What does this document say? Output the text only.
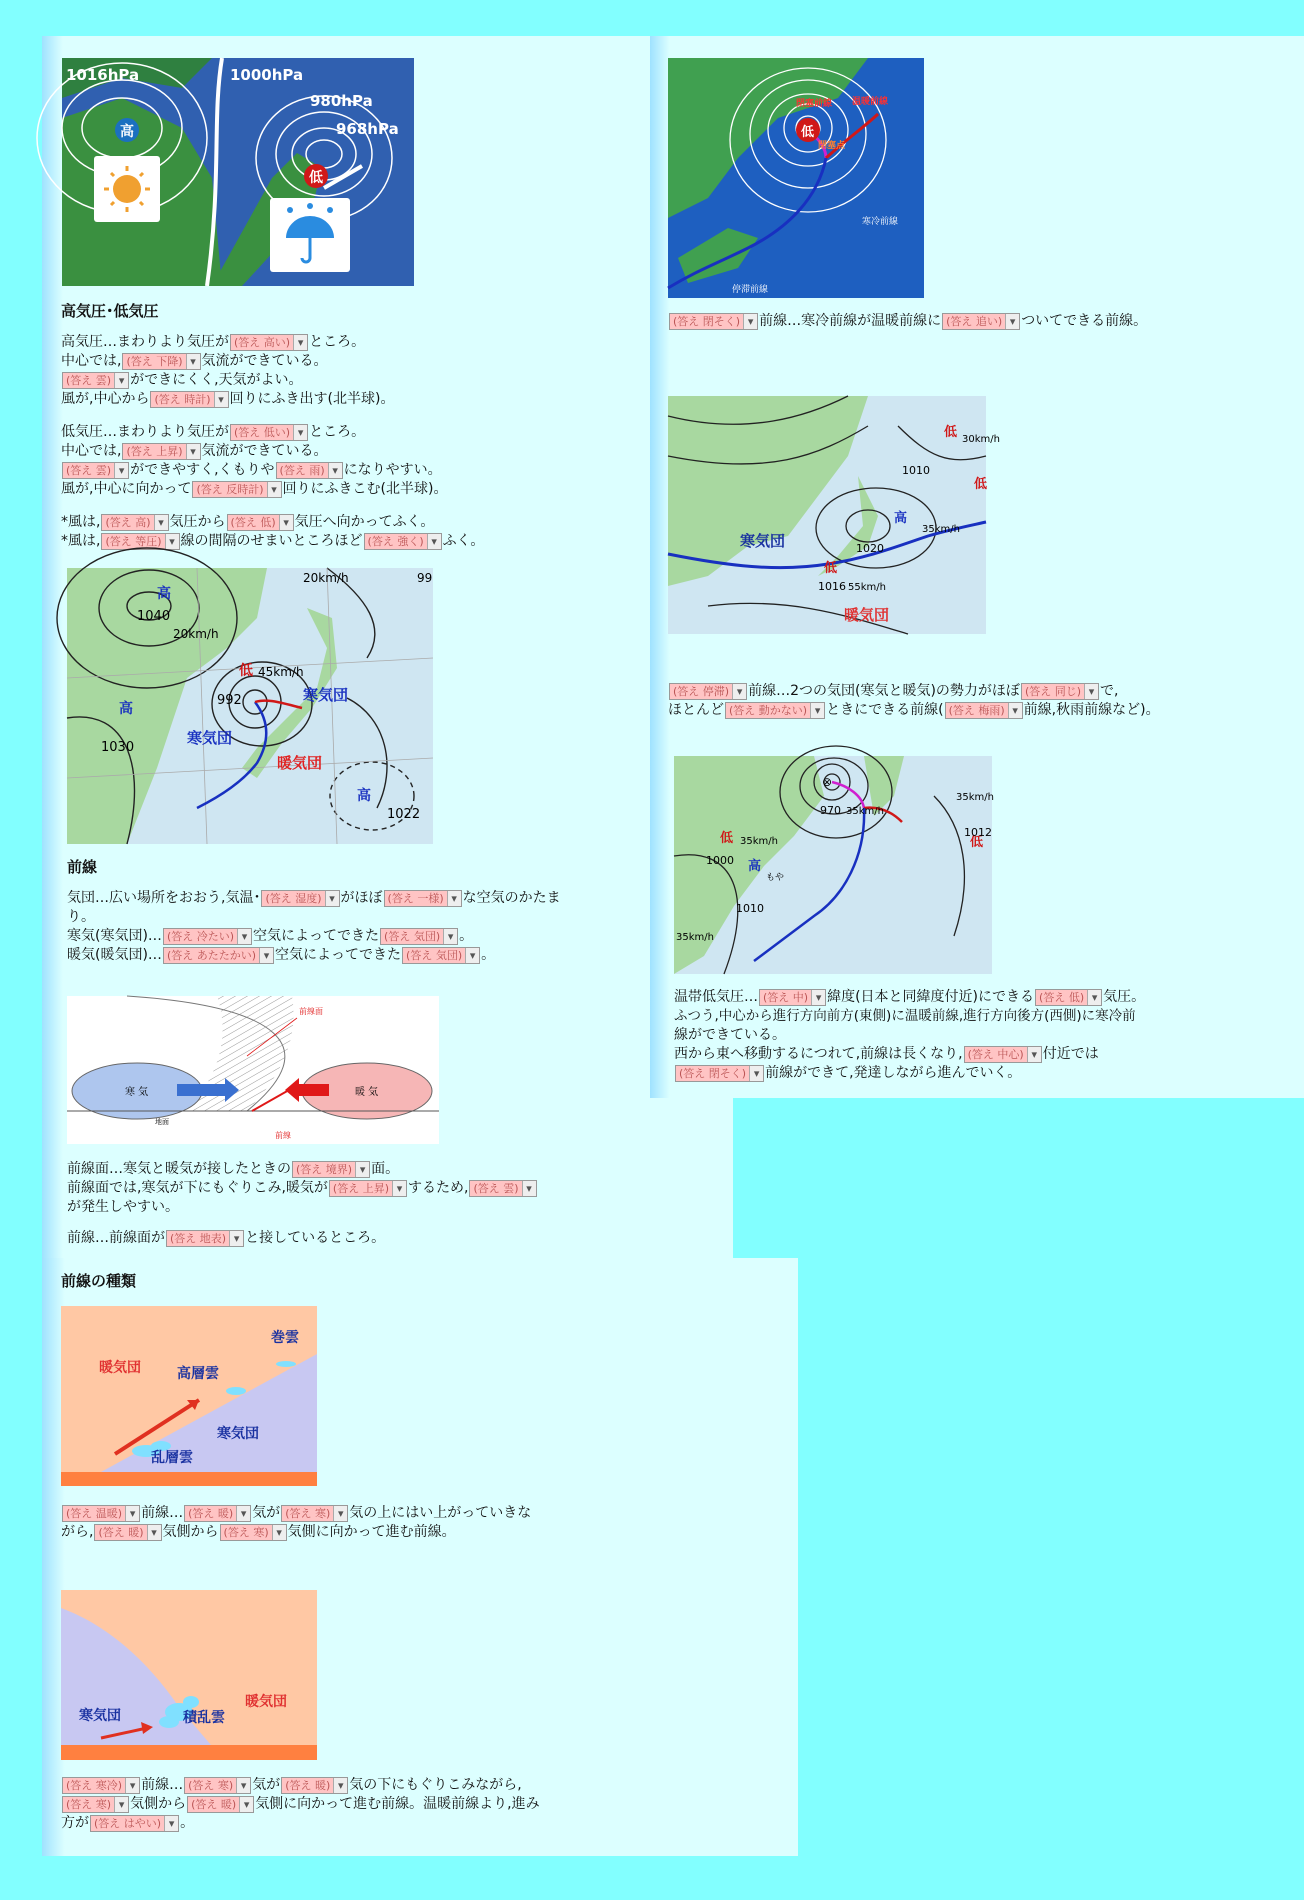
1016hPa	1000hPa
980hPa
968hPa
高
低

高気圧･低気圧

高気圧…まわりより気圧が (答え 高い) ▾ ところ。

中心では, (答え 下降) ▾ 気流ができている。

(答え 雲) ▾ ができにくく,天気がよい。

風が,中心から (答え 時計) ▾ 回りにふき出す(北半球)。

低気圧…まわりより気圧が (答え 低い) ▾ ところ。

中心では, (答え 上昇) ▾ 気流ができている。

(答え 雲) ▾ ができやすく,くもりや (答え 雨) ▾ になりやすい。

風が,中心に向かって (答え 反時計) ▾ 回りにふきこむ(北半球)。

*風は, (答え 高) ▾ 気圧から (答え 低) ▾ 気圧へ向かってふく。

*風は, (答え 等圧) ▾ 線の間隔のせまいところほど (答え 強く) ▾ ふく。

高
1040
20km/h
高
1030
低 45km/h
992
20km/h	99
寒気団
寒気団
暖気団
高
1022

前線

気団…広い場所をおおう,気温･ (答え 湿度) ▾ がほぼ (答え 一様) ▾ な空気のかたま

り。

寒気(寒気団)… (答え 冷たい) ▾ 空気によってできた (答え 気団) ▾ 。

暖気(暖気団)… (答え あたたかい) ▾ 空気によってできた (答え 気団) ▾ 。

寒 気	暖 気
前線面
前線
地面

前線面…寒気と暖気が接したときの (答え 境界) ▾ 面。

前線面では,寒気が下にもぐりこみ,暖気が (答え 上昇) ▾ するため, (答え 雲) ▾

が発生しやすい。

前線…前線面が (答え 地表) ▾ と接しているところ。

前線の種類

暖気団	高層雲
巻雲
寒気団
乱層雲

(答え 温暖) ▾ 前線… (答え 暖) ▾ 気が (答え 寒) ▾ 気の上にはい上がっていきな

がら, (答え 暖) ▾ 気側から (答え 寒) ▾ 気側に向かって進む前線。

寒気団	積乱雲
暖気団

(答え 寒冷) ▾ 前線… (答え 寒) ▾ 気が (答え 暖) ▾ 気の下にもぐりこみながら,

(答え 寒) ▾ 気側から (答え 暖) ▾ 気側に向かって進む前線。温暖前線より,進み

方が (答え はやい) ▾ 。

低
閉塞前線 温暖前線
閉塞点
寒冷前線
停滞前線

(答え 閉そく) ▾ 前線…寒冷前線が温暖前線に (答え 追い) ▾ ついてできる前線。

寒気団
暖気団
高
低
低
低
1010
1020
1016
30km/h
35km/h
55km/h

(答え 停滞) ▾ 前線…2つの気団(寒気と暖気)の勢力がほぼ (答え 同じ) ▾ で,

ほとんど (答え 動かない) ▾ ときにできる前線( (答え 梅雨) ▾ 前線,秋雨前線など)。

⊗
970 35km/h
低 35km/h
1000 高
もや
1010
35km/h
低
35km/h
1012

温帯低気圧… (答え 中) ▾ 緯度(日本と同緯度付近)にできる (答え 低) ▾ 気圧。

ふつう,中心から進行方向前方(東側)に温暖前線,進行方向後方(西側)に寒冷前

線ができている。

西から東へ移動するにつれて,前線は長くなり, (答え 中心) ▾ 付近では

(答え 閉そく) ▾ 前線ができて,発達しながら進んでいく。
